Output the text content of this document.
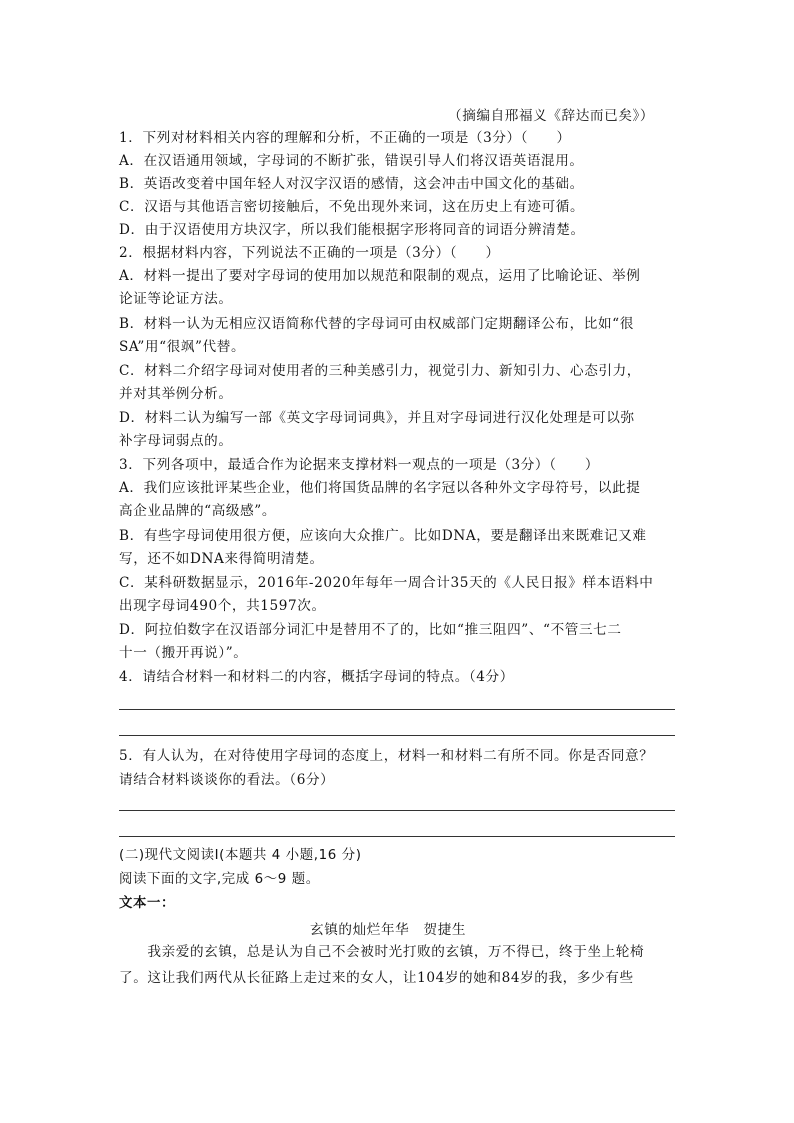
（摘编自邢福义《辞达而已矣》）
1．下列对材料相关内容的理解和分析，不正确的一项是（3分）（　　）
A．在汉语通用领域，字母词的不断扩张，错误引导人们将汉语英语混用。
B．英语改变着中国年轻人对汉字汉语的感情，这会冲击中国文化的基础。
C．汉语与其他语言密切接触后，不免出现外来词，这在历史上有迹可循。
D．由于汉语使用方块汉字，所以我们能根据字形将同音的词语分辨清楚。
2．根据材料内容，下列说法不正确的一项是（3分）（　　）
A．材料一提出了要对字母词的使用加以规范和限制的观点，运用了比喻论证、举例
论证等论证方法。
B．材料一认为无相应汉语简称代替的字母词可由权威部门定期翻译公布，比如“很
SA”用“很飒”代替。
C．材料二介绍字母词对使用者的三种美感引力，视觉引力、新知引力、心态引力，
并对其举例分析。
D．材料二认为编写一部《英文字母词词典》，并且对字母词进行汉化处理是可以弥
补字母词弱点的。
3．下列各项中，最适合作为论据来支撑材料一观点的一项是（3分）（　　）
A．我们应该批评某些企业，他们将国货品牌的名字冠以各种外文字母符号，以此提
高企业品牌的“高级感”。
B．有些字母词使用很方便，应该向大众推广。比如DNA，要是翻译出来既难记又难
写，还不如DNA来得简明清楚。
C．某科研数据显示，2016年-2020年每年一周合计35天的《人民日报》样本语料中
出现字母词490个，共1597次。
D．阿拉伯数字在汉语部分词汇中是替用不了的，比如“推三阻四”、“不管三七二
十一（搬开再说）”。
4．请结合材料一和材料二的内容，概括字母词的特点。（4分）
5．有人认为，在对待使用字母词的态度上，材料一和材料二有所不同。你是否同意？
请结合材料谈谈你的看法。（6分）
(二)现代文阅读Ⅰ(本题共 4 小题,16 分)
阅读下面的文字,完成 6～9 题。
文本一：
玄镇的灿烂年华　贺捷生
　　我亲爱的玄镇，总是认为自己不会被时光打败的玄镇，万不得已，终于坐上轮椅
了。这让我们两代从长征路上走过来的女人，让104岁的她和84岁的我，多少有些
